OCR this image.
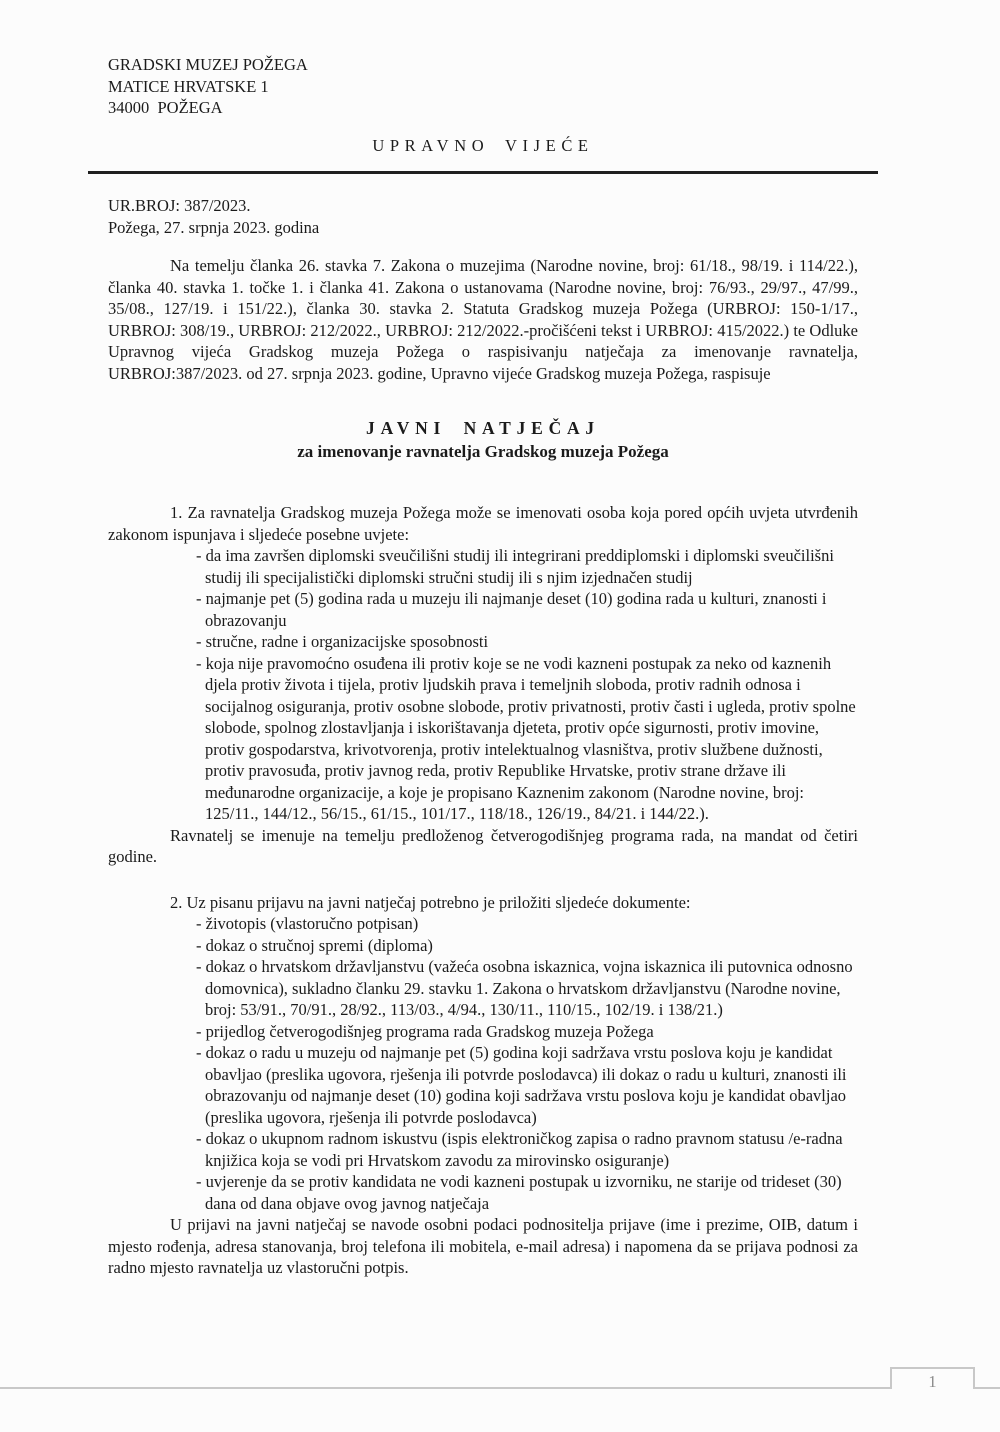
GRADSKI MUZEJ POŽEGA
MATICE HRVATSKE 1
34000  POŽEGA
UPRAVNO VIJEĆE
UR.BROJ: 387/2023.
Požega, 27. srpnja 2023. godina

Na temelju članka 26. stavka 7. Zakona o muzejima (Narodne novine, broj: 61/18., 98/19. i 114/22.), članka 40. stavka 1. točke 1. i članka 41. Zakona o ustanovama (Narodne novine, broj: 76/93., 29/97., 47/99., 35/08., 127/19. i 151/22.), članka 30. stavka 2. Statuta Gradskog muzeja Požega (URBROJ: 150-1/17., URBROJ: 308/19., URBROJ: 212/2022., URBROJ: 212/2022.-pročišćeni tekst i URBROJ: 415/2022.) te Odluke Upravnog vijeća Gradskog muzeja Požega o raspisivanju natječaja za imenovanje ravnatelja, URBROJ:387/2023. od 27. srpnja 2023. godine, Upravno vijeće Gradskog muzeja Požega, raspisuje

JAVNI NATJEČAJ
za imenovanje ravnatelja Gradskog muzeja Požega

1. Za ravnatelja Gradskog muzeja Požega može se imenovati osoba koja pored općih uvjeta utvrđenih zakonom ispunjava i sljedeće posebne uvjete:

- da ima završen diplomski sveučilišni studij ili integrirani preddiplomski i diplomski sveučilišni studij ili specijalistički diplomski stručni studij ili s njim izjednačen studij
- najmanje pet (5) godina rada u muzeju ili najmanje deset (10) godina rada u kulturi, znanosti i obrazovanju
- stručne, radne i organizacijske sposobnosti
- koja nije pravomoćno osuđena ili protiv koje se ne vodi kazneni postupak za neko od kaznenih djela protiv života i tijela, protiv ljudskih prava i temeljnih sloboda, protiv radnih odnosa i socijalnog osiguranja, protiv osobne slobode, protiv privatnosti, protiv časti i ugleda, protiv spolne slobode, spolnog zlostavljanja i iskorištavanja djeteta, protiv opće sigurnosti, protiv imovine, protiv gospodarstva, krivotvorenja, protiv intelektualnog vlasništva, protiv službene dužnosti, protiv pravosuđa, protiv javnog reda, protiv Republike Hrvatske, protiv strane države ili međunarodne organizacije, a koje je propisano Kaznenim zakonom (Narodne novine, broj: 125/11., 144/12., 56/15., 61/15., 101/17., 118/18., 126/19., 84/21. i 144/22.).

Ravnatelj se imenuje na temelju predloženog četverogodišnjeg programa rada, na mandat od četiri godine.

2. Uz pisanu prijavu na javni natječaj potrebno je priložiti sljedeće dokumente:

- životopis (vlastoručno potpisan)
- dokaz o stručnoj spremi (diploma)
- dokaz o hrvatskom državljanstvu (važeća osobna iskaznica, vojna iskaznica ili putovnica odnosno domovnica), sukladno članku 29. stavku 1. Zakona o hrvatskom državljanstvu (Narodne novine, broj: 53/91., 70/91., 28/92., 113/03., 4/94., 130/11., 110/15., 102/19. i 138/21.)
- prijedlog četverogodišnjeg programa rada Gradskog muzeja Požega
- dokaz o radu u muzeju od najmanje pet (5) godina koji sadržava vrstu poslova koju je kandidat obavljao (preslika ugovora, rješenja ili potvrde poslodavca) ili dokaz o radu u kulturi, znanosti ili obrazovanju od najmanje deset (10) godina koji sadržava vrstu poslova koju je kandidat obavljao (preslika ugovora, rješenja ili potvrde poslodavca)
- dokaz o ukupnom radnom iskustvu (ispis elektroničkog zapisa o radno pravnom statusu /e-radna knjižica koja se vodi pri Hrvatskom zavodu za mirovinsko osiguranje)
- uvjerenje da se protiv kandidata ne vodi kazneni postupak u izvorniku, ne starije od trideset (30) dana od dana objave ovog javnog natječaja

U prijavi na javni natječaj se navode osobni podaci podnositelja prijave (ime i prezime, OIB, datum i mjesto rođenja, adresa stanovanja, broj telefona ili mobitela, e-mail adresa) i napomena da se prijava podnosi za radno mjesto ravnatelja uz vlastoručni potpis.

1
